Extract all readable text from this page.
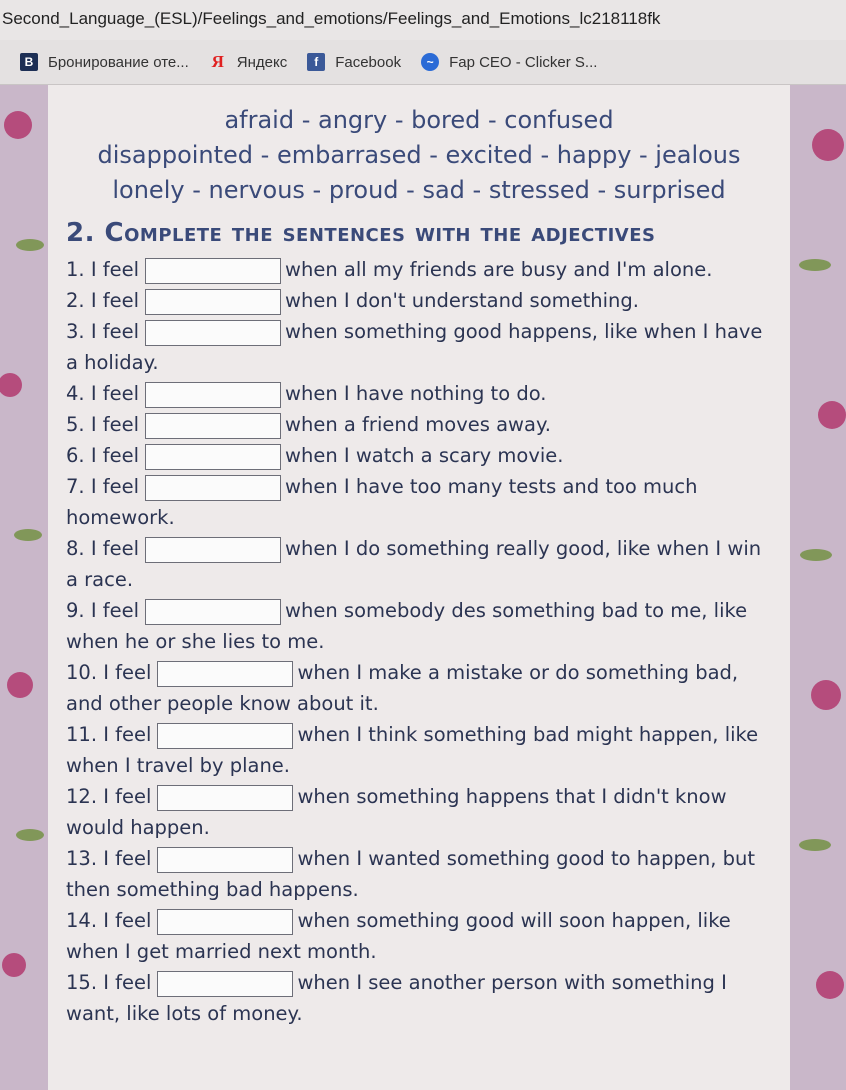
Second_Language_(ESL)/Feelings_and_emotions/Feelings_and_Emotions_lc218118fk
B Бронирование оте... Я Яндекс	f	Facebook	~	Fap CEO - Clicker S...
afraid - angry - bored - confused
disappointed - embarrased - excited - happy - jealous
lonely - nervous - proud - sad - stressed - surprised
2. Complete the sentences with the adjectives
1. I feel	when all my friends are busy and I'm alone.
2. I feel	when I don't understand something.
3. I feel	when something good happens, like when I have a holiday.
4. I feel	when I have nothing to do.
5. I feel	when a friend moves away.
6. I feel	when I watch a scary movie.
7. I feel	when I have too many tests and too much homework.
8. I feel	when I do something really good, like when I win a race.
9. I feel	when somebody des something bad to me, like when he or she lies to me.
10. I feel	when I make a mistake or do something bad, and other people know about it.
11. I feel	when I think something bad might happen, like when I travel by plane.
12. I feel	when something happens that I didn't know would happen.
13. I feel	when I wanted something good to happen, but then something bad happens.
14. I feel	when something good will soon happen, like when I get married next month.
15. I feel	when I see another person with something I want, like lots of money.
